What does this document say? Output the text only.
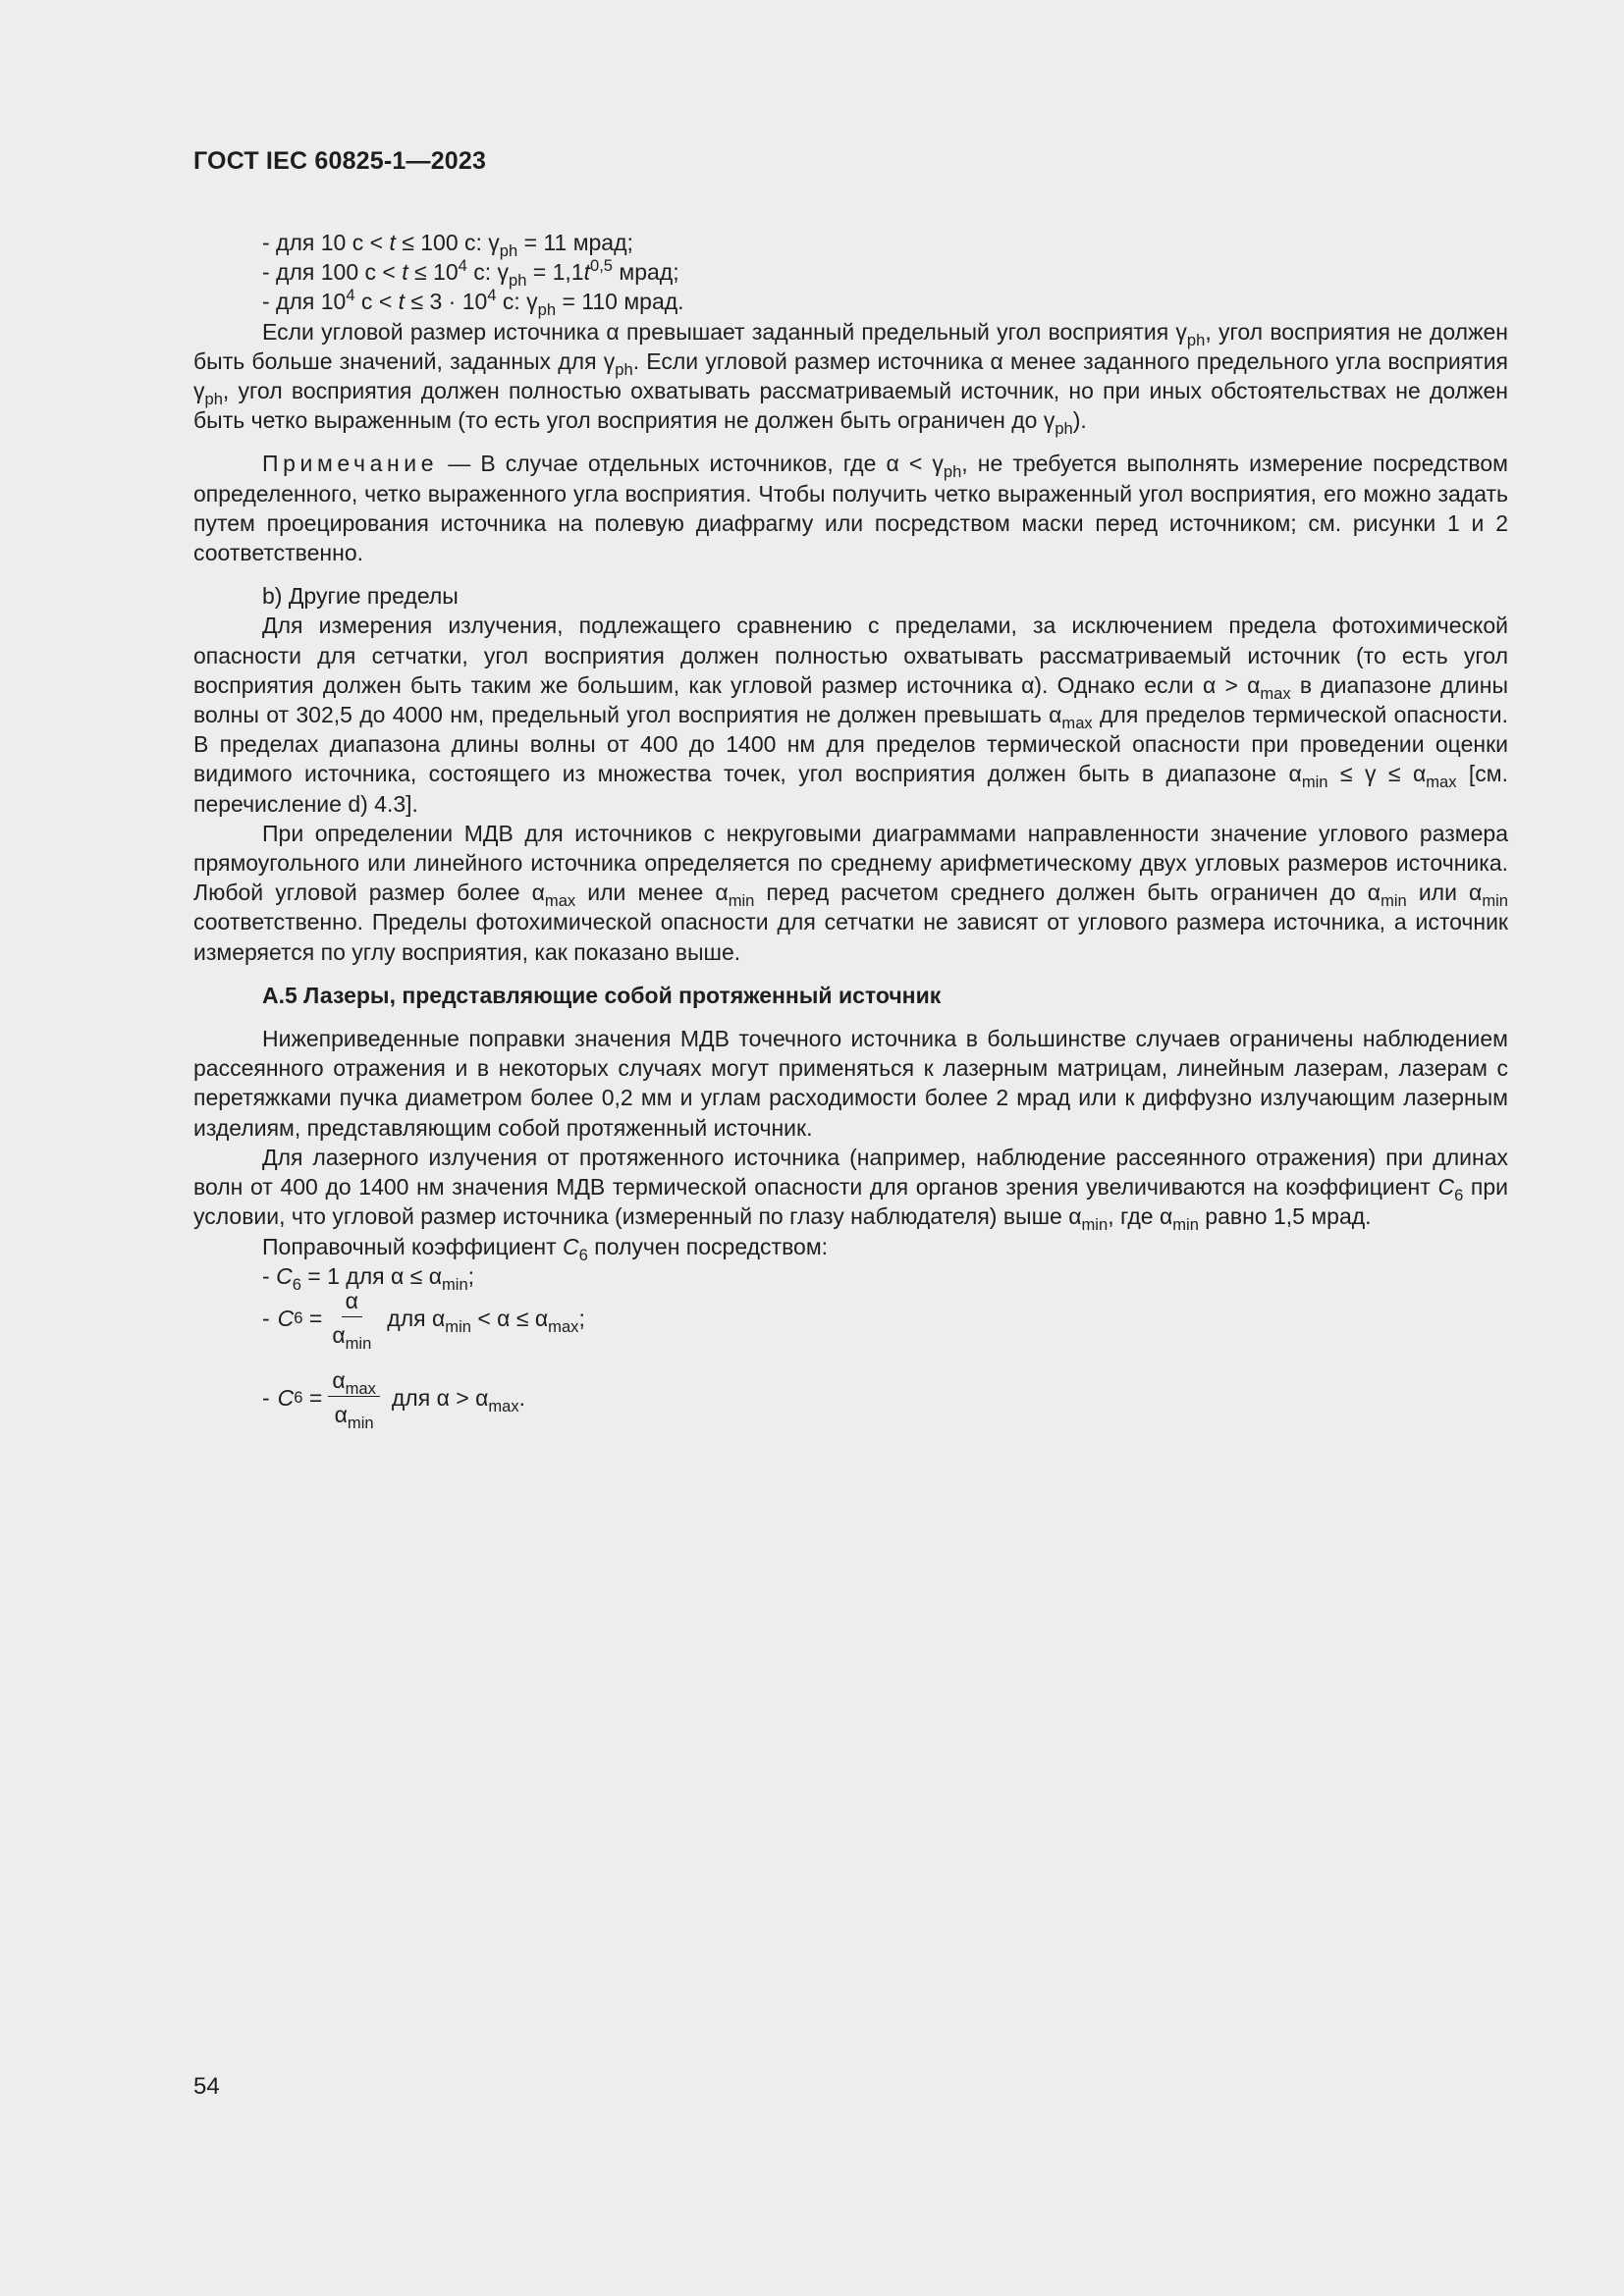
ГОСТ IEC 60825-1—2023

- для 10 с < t ≤ 100 с: $\gamma_{ph} = 11$ мрад;

- для 100 $с < t \le 10^4$ с: $\gamma_{ph} = 1,1t^{0,5}$ мрад;

- для $10^4$ $с < t \le 3 \cdot 10^4$ с: $\gamma_{ph} = 110$ мрад.

Если угловой размер источника α превышает заданный предельный угол восприятия $\gamma_{ph}$, угол восприятия не должен быть больше значений, заданных для $\gamma_{ph}$. Если угловой размер источника α менее заданного предельного угла восприятия $\gamma_{ph}$, угол восприятия должен полностью охватывать рассматриваемый источник, но при иных обстоятельствах не должен быть четко выраженным (то есть угол восприятия не должен быть ограничен до $\gamma_{ph}$).

Примечание — В случае отдельных источников, где $\alpha < \gamma_{ph}$, не требуется выполнять измерение посредством определенного, четко выраженного угла восприятия. Чтобы получить четко выраженный угол восприятия, его можно задать путем проецирования источника на полевую диафрагму или посредством маски перед источником; см. рисунки 1 и 2 соответственно.

b) Другие пределы

Для измерения излучения, подлежащего сравнению с пределами, за исключением предела фотохимической опасности для сетчатки, угол восприятия должен полностью охватывать рассматриваемый источник (то есть угол восприятия должен быть таким же большим, как угловой размер источника α). Однако если $\alpha > \alpha_{max}$ в диапазоне длины волны от 302,5 до 4000 нм, предельный угол восприятия не должен превышать $\alpha_{max}$ для пределов термической опасности. В пределах диапазона длины волны от 400 до 1400 нм для пределов термической опасности при проведении оценки видимого источника, состоящего из множества точек, угол восприятия должен быть в диапазоне $\alpha_{min} \le \gamma \le \alpha_{max}$ [см. перечисление d) 4.3].

При определении МДВ для источников с некруговыми диаграммами направленности значение углового размера прямоугольного или линейного источника определяется по среднему арифметическому двух угловых размеров источника. Любой угловой размер более $\alpha_{max}$ или менее $\alpha_{min}$ перед расчетом среднего должен быть ограничен до $\alpha_{min}$ или $\alpha_{min}$ соответственно. Пределы фотохимической опасности для сетчатки не зависят от углового размера источника, а источник измеряется по углу восприятия, как показано выше.

А.5 Лазеры, представляющие собой протяженный источник

Нижеприведенные поправки значения МДВ точечного источника в большинстве случаев ограничены наблюдением рассеянного отражения и в некоторых случаях могут применяться к лазерным матрицам, линейным лазерам, лазерам с перетяжками пучка диаметром более 0,2 мм и углам расходимости более 2 мрад или к диффузно излучающим лазерным изделиям, представляющим собой протяженный источник.

Для лазерного излучения от протяженного источника (например, наблюдение рассеянного отражения) при длинах волн от 400 до 1400 нм значения МДВ термической опасности для органов зрения увеличиваются на коэффициент $C_6$ при условии, что угловой размер источника (измеренный по глазу наблюдателя) выше $\alpha_{min}$, где $\alpha_{min}$ равно 1,5 мрад.

Поправочный коэффициент $C_6$ получен посредством:

- $C_6 = 1$ для $\alpha \le \alpha_{min}$;

- C $6 = \frac{\alpha}{\alpha_{min}}$ для $\alpha_{min} < \alpha \le \alpha_{max}$;
- C $6 = \frac{\alpha_{max}}{\alpha_{min}}$ для $\alpha > \alpha_{max}$.
54
